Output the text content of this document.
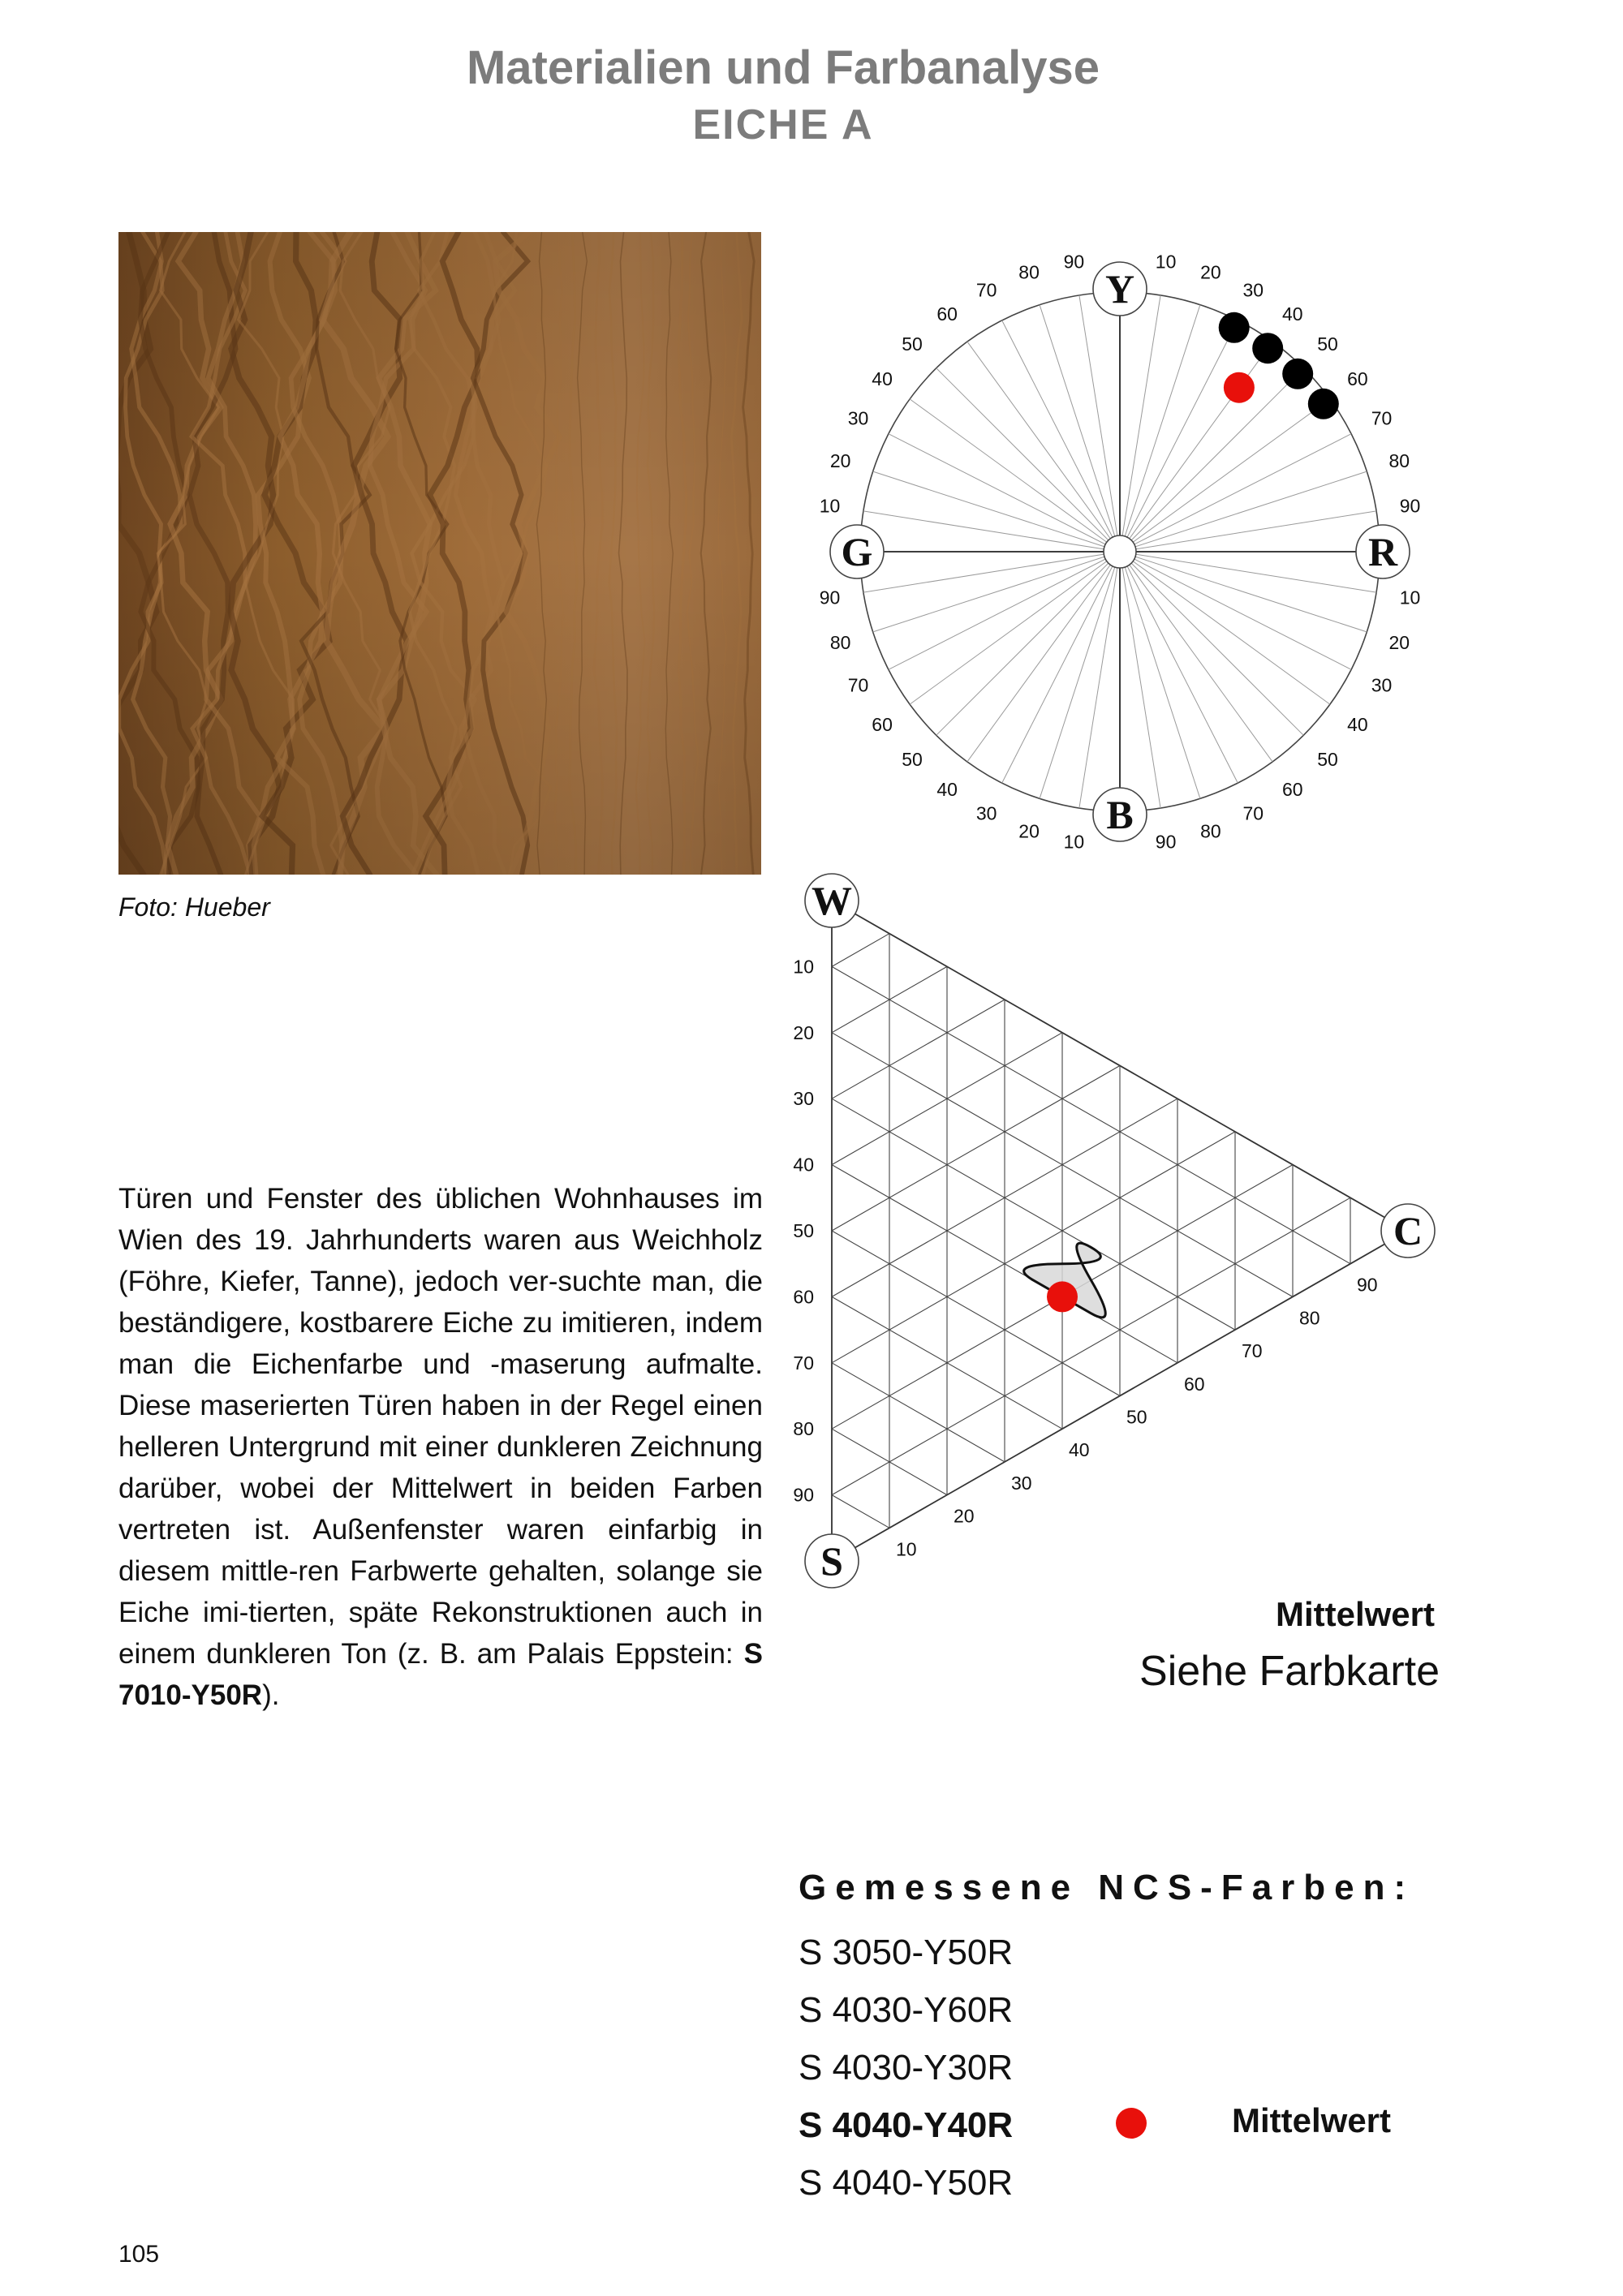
Materialien und Farbanalyse
EICHE A
Foto: Hueber
Türen und Fenster des üblichen Wohnhauses im Wien des 19. Jahrhunderts waren aus Weichholz (Föhre, Kiefer, Tanne), jedoch ver-suchte man, die beständigere, kostbarere Eiche zu imitieren, indem man die Eichenfarbe und -maserung aufmalte. Diese maserierten Türen haben in der Regel einen helleren Untergrund mit einer dunkleren Zeichnung darüber, wobei der Mittelwert in beiden Farben vertreten ist. Außenfenster waren einfarbig in diesem mittle-ren Farbwerte gehalten, solange sie Eiche imi-tierten, späte Rekonstruktionen auch in einem dunkleren Ton (z. B. am Palais Eppstein: S 7010-Y50R).
10
20
30
40
50
60
70
80
90
10
20
30
40
50
60
70
80
90
10
20
30
40
50
60
70
80
90
10
20
30
40
50
60
70
80
90
Y
R
B
G
10
20
30
40
50
60
70
80
90
10
20
30
40
50
60
70
80
90
W
S
C
Mittelwert
Siehe Farbkarte
Gemessene NCS-Farben:
S 3050-Y50R
S 4030-Y60R
S 4030-Y30R
S 4040-Y40R
S 4040-Y50R
Mittelwert
105
